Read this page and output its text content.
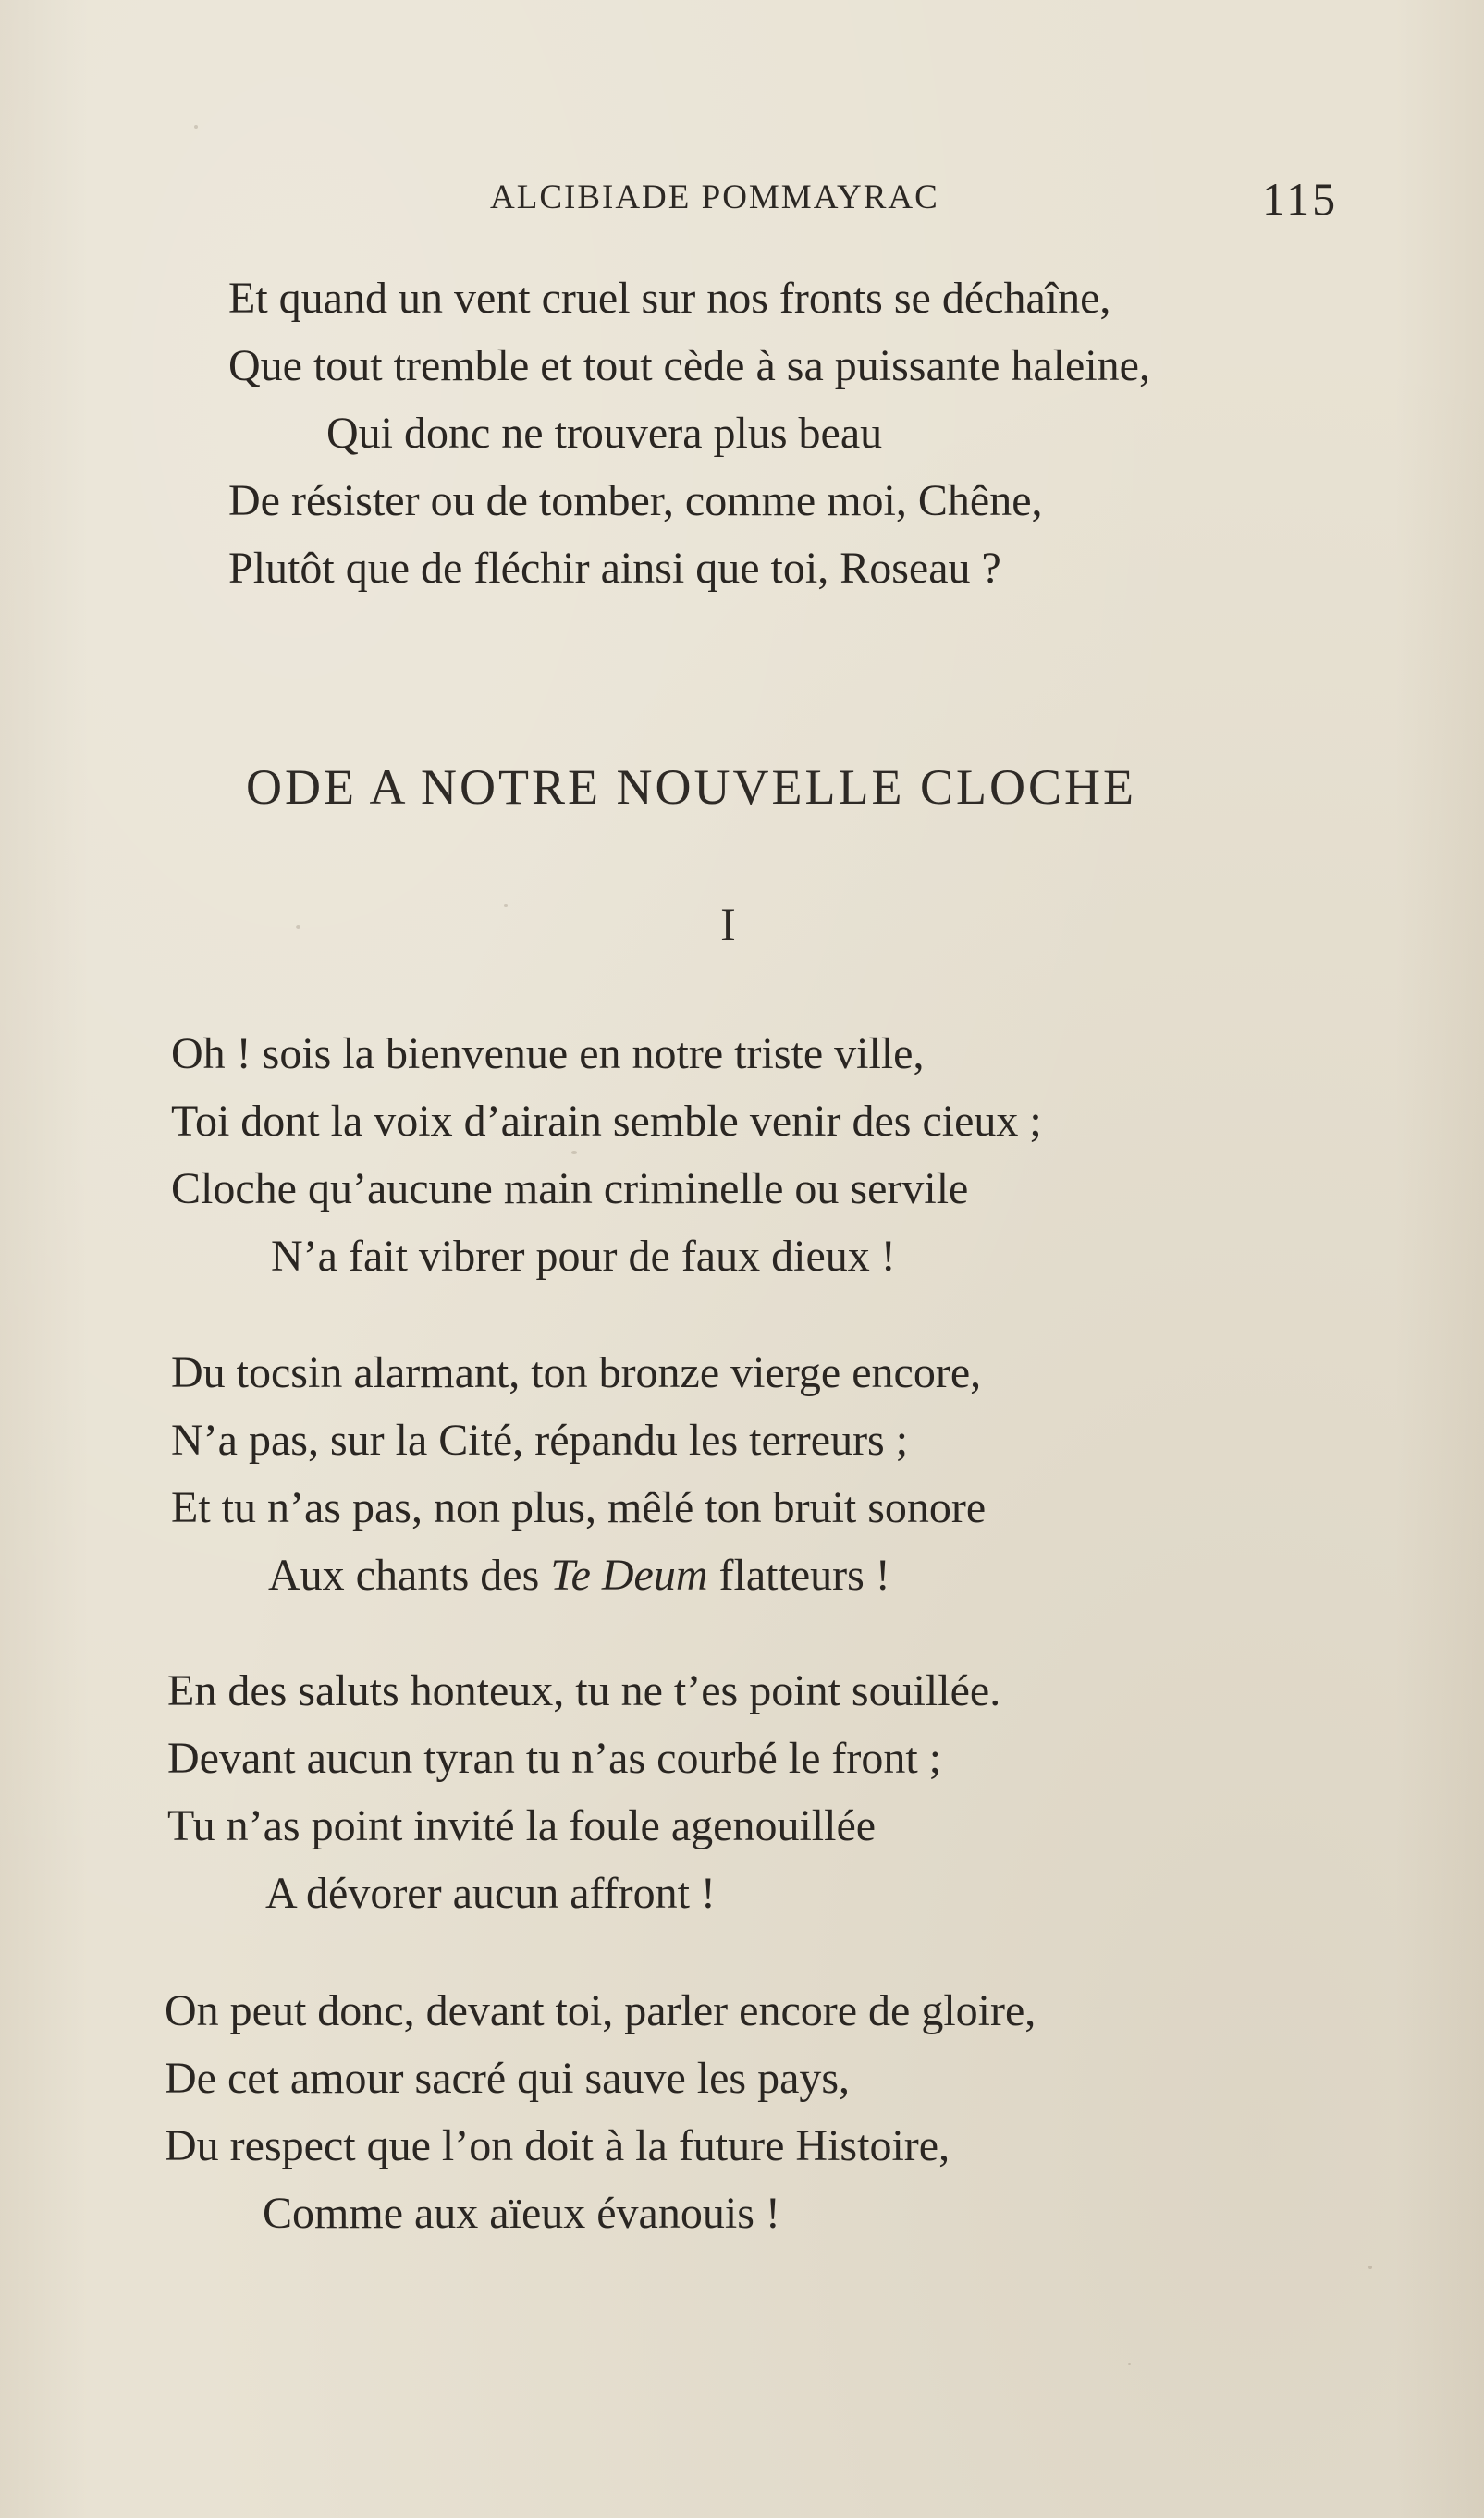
ALCIBIADE POMMAYRAC	115
Et quand un vent cruel sur nos fronts se déchaîne,
Que tout tremble et tout cède à sa puissante haleine,
Qui donc ne trouvera plus beau
De résister ou de tomber, comme moi, Chêne,
Plutôt que de fléchir ainsi que toi, Roseau ?
ODE A NOTRE NOUVELLE CLOCHE
I
Oh ! sois la bienvenue en notre triste ville,
Toi dont la voix d’airain semble venir des cieux ;
Cloche qu’aucune main criminelle ou servile
N’a fait vibrer pour de faux dieux !
Du tocsin alarmant, ton bronze vierge encore,
N’a pas, sur la Cité, répandu les terreurs ;
Et tu n’as pas, non plus, mêlé ton bruit sonore
Aux chants des Te Deum flatteurs !
En des saluts honteux, tu ne t’es point souillée.
Devant aucun tyran tu n’as courbé le front ;
Tu n’as point invité la foule agenouillée
A dévorer aucun affront !
On peut donc, devant toi, parler encore de gloire,
De cet amour sacré qui sauve les pays,
Du respect que l’on doit à la future Histoire,
Comme aux aïeux évanouis !
